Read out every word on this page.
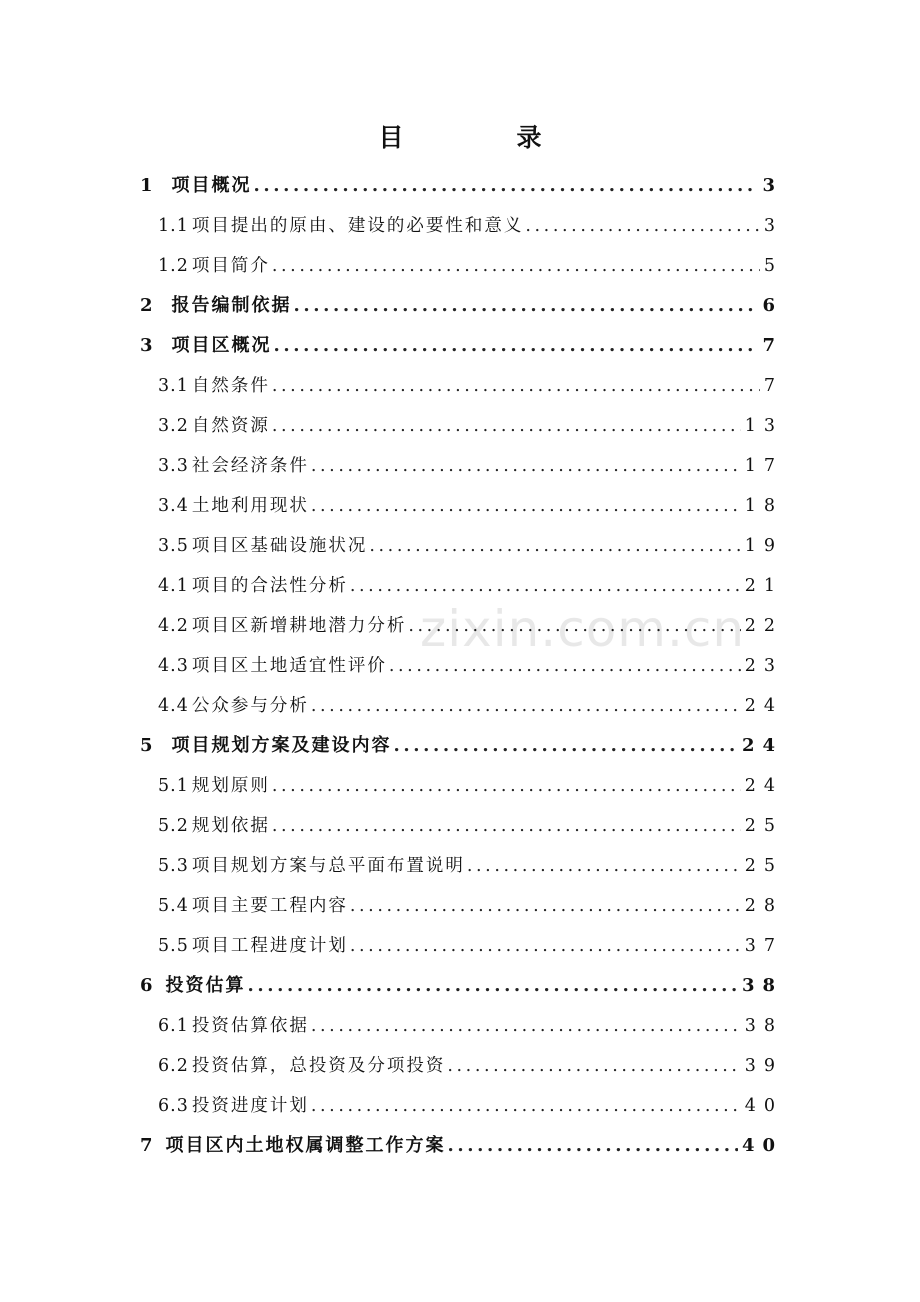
目　录
1 项目概况 .....	3
1.1 项目提出的原由、建设的必要性和意义 .....	3
1.2 项目简介 .....	5
2 报告编制依据 .....	6
3 项目区概况 .....	7
3.1 自然条件 .....	7
3.2 自然资源 .....	13
3.3 社会经济条件 .....	17
3.4 土地利用现状 .....	18
3.5 项目区基础设施状况 .....	19
4.1 项目的合法性分析 .....	21
4.2 项目区新增耕地潜力分析 .....	22
4.3 项目区土地适宜性评价 .....	23
4.4 公众参与分析 .....	24
5 项目规划方案及建设内容 .....	24
5.1 规划原则 .....	24
5.2 规划依据 .....	25
5.3 项目规划方案与总平面布置说明 .....	25
5.4 项目主要工程内容 .....	28
5.5 项目工程进度计划 .....	37
6 投资估算 .....	38
6.1 投资估算依据 .....	38
6.2 投资估算，总投资及分项投资 .....	39
6.3 投资进度计划 .....	40
7 项目区内土地权属调整工作方案 .....	40
zixin.com.cn
